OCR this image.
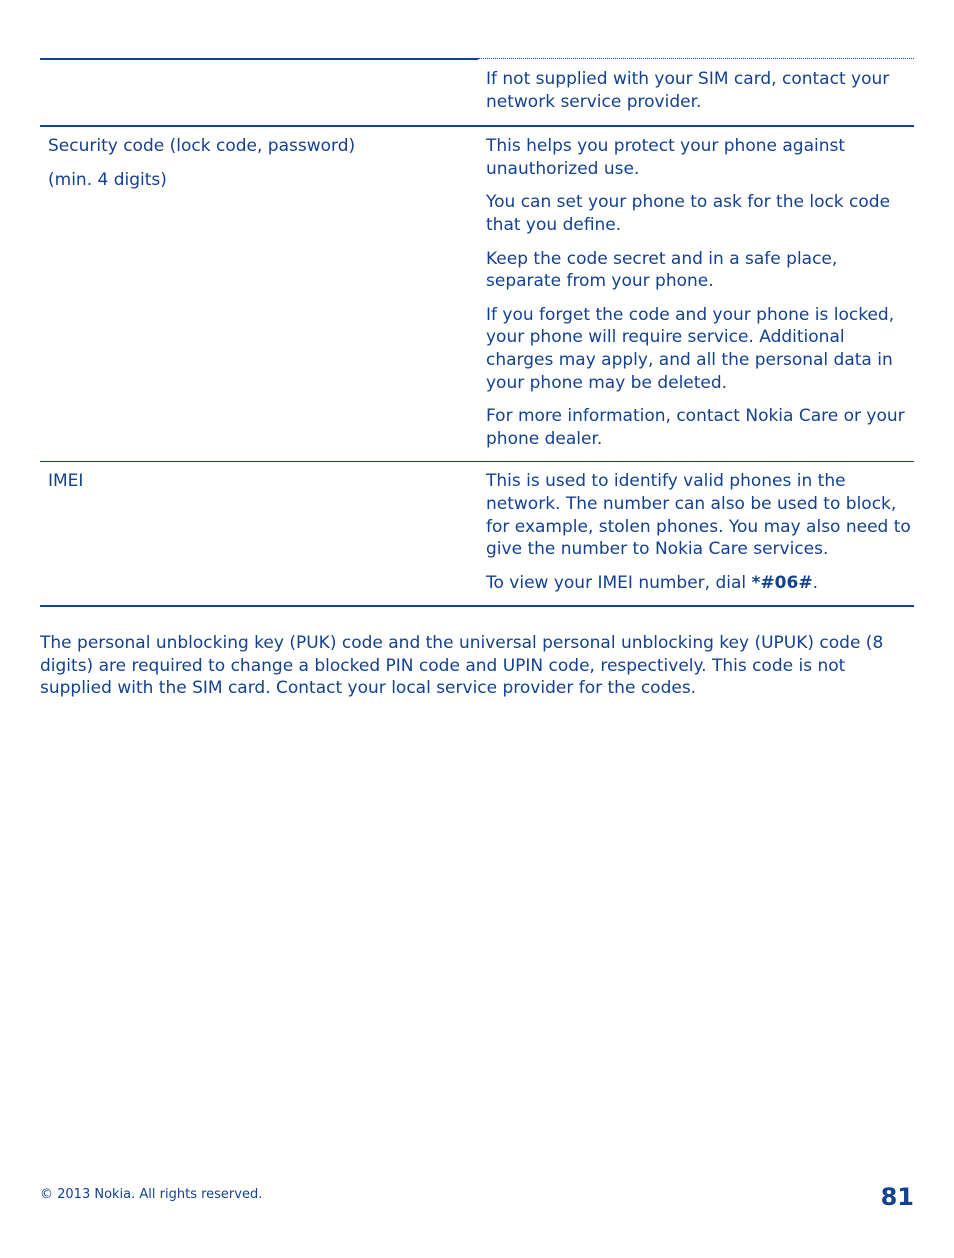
If not supplied with your SIM card, contact your network service provider.

Security code (lock code, password)

(min. 4 digits)

This helps you protect your phone against unauthorized use.

You can set your phone to ask for the lock code that you define.

Keep the code secret and in a safe place, separate from your phone.

If you forget the code and your phone is locked, your phone will require service. Additional charges may apply, and all the personal data in your phone may be deleted.

For more information, contact Nokia Care or your phone dealer.

IMEI	This is used to identify valid phones in the network. The number can also be used to block, for example, stolen phones. You may also need to give the number to Nokia Care services.

To view your IMEI number, dial *#06#.

The personal unblocking key (PUK) code and the universal personal unblocking key (UPUK) code (8 digits) are required to change a blocked PIN code and UPIN code, respectively. This code is not supplied with the SIM card. Contact your local service provider for the codes.

© 2013 Nokia. All rights reserved.	81
